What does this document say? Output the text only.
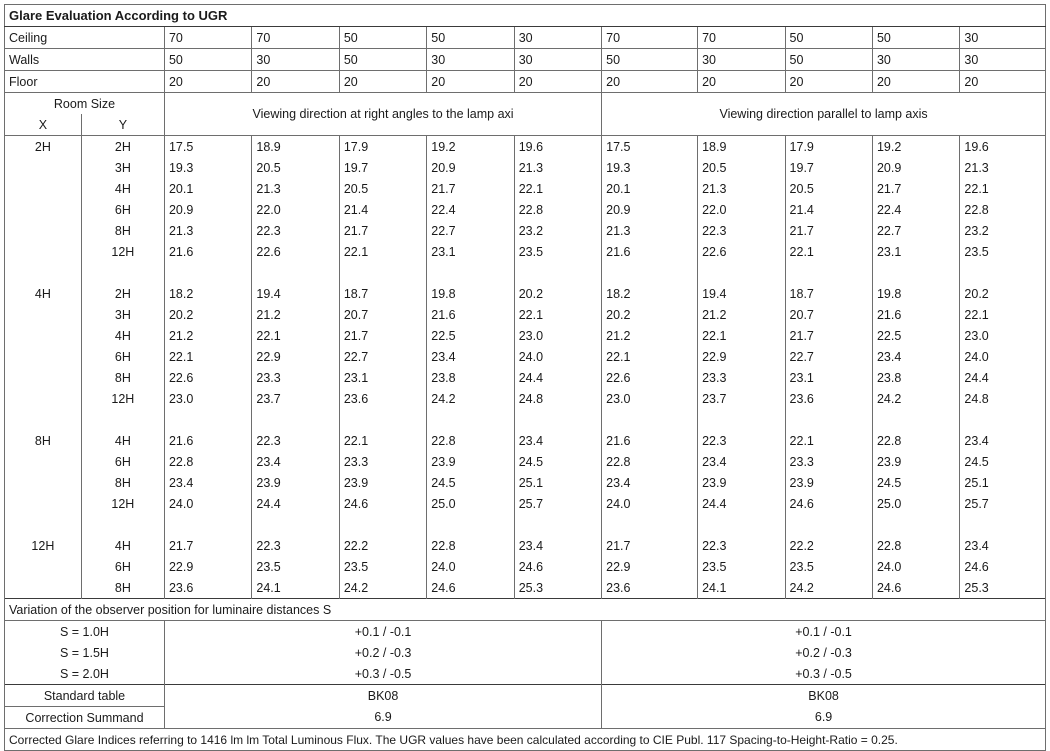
Glare Evaluation According to UGR											
Ceiling		70	70	50	50	30	70	70	50	50	30
Walls		50	30	50	30	30	50	30	50	30	30
Floor		20	20	20	20	20	20	20	20	20	20
Room Size		Viewing direction at right angles to the lamp axi					Viewing direction parallel to lamp axis				
X	Y										
2H	2H	17.5	18.9	17.9	19.2	19.6	17.5	18.9	17.9	19.2	19.6
	3H	19.3	20.5	19.7	20.9	21.3	19.3	20.5	19.7	20.9	21.3
	4H	20.1	21.3	20.5	21.7	22.1	20.1	21.3	20.5	21.7	22.1
	6H	20.9	22.0	21.4	22.4	22.8	20.9	22.0	21.4	22.4	22.8
	8H	21.3	22.3	21.7	22.7	23.2	21.3	22.3	21.7	22.7	23.2
	12H	21.6	22.6	22.1	23.1	23.5	21.6	22.6	22.1	23.1	23.5

4H	2H	18.2	19.4	18.7	19.8	20.2	18.2	19.4	18.7	19.8	20.2
	3H	20.2	21.2	20.7	21.6	22.1	20.2	21.2	20.7	21.6	22.1
	4H	21.2	22.1	21.7	22.5	23.0	21.2	22.1	21.7	22.5	23.0
	6H	22.1	22.9	22.7	23.4	24.0	22.1	22.9	22.7	23.4	24.0
	8H	22.6	23.3	23.1	23.8	24.4	22.6	23.3	23.1	23.8	24.4
	12H	23.0	23.7	23.6	24.2	24.8	23.0	23.7	23.6	24.2	24.8

8H	4H	21.6	22.3	22.1	22.8	23.4	21.6	22.3	22.1	22.8	23.4
	6H	22.8	23.4	23.3	23.9	24.5	22.8	23.4	23.3	23.9	24.5
	8H	23.4	23.9	23.9	24.5	25.1	23.4	23.9	23.9	24.5	25.1
	12H	24.0	24.4	24.6	25.0	25.7	24.0	24.4	24.6	25.0	25.7

12H	4H	21.7	22.3	22.2	22.8	23.4	21.7	22.3	22.2	22.8	23.4
	6H	22.9	23.5	23.5	24.0	24.6	22.9	23.5	23.5	24.0	24.6
	8H	23.6	24.1	24.2	24.6	25.3	23.6	24.1	24.2	24.6	25.3
Variation of the observer position for luminaire distances S											
S = 1.0H		+0.1 / -0.1					+0.1 / -0.1				
S = 1.5H		+0.2 / -0.3					+0.2 / -0.3				
S = 2.0H		+0.3 / -0.5					+0.3 / -0.5				
Standard table		BK08					BK08				
Correction Summand		6.9					6.9				
Corrected Glare Indices referring to 1416 lm lm Total Luminous Flux. The UGR values have been calculated according to CIE Publ. 117 Spacing-to-Height-Ratio = 0.25.											
